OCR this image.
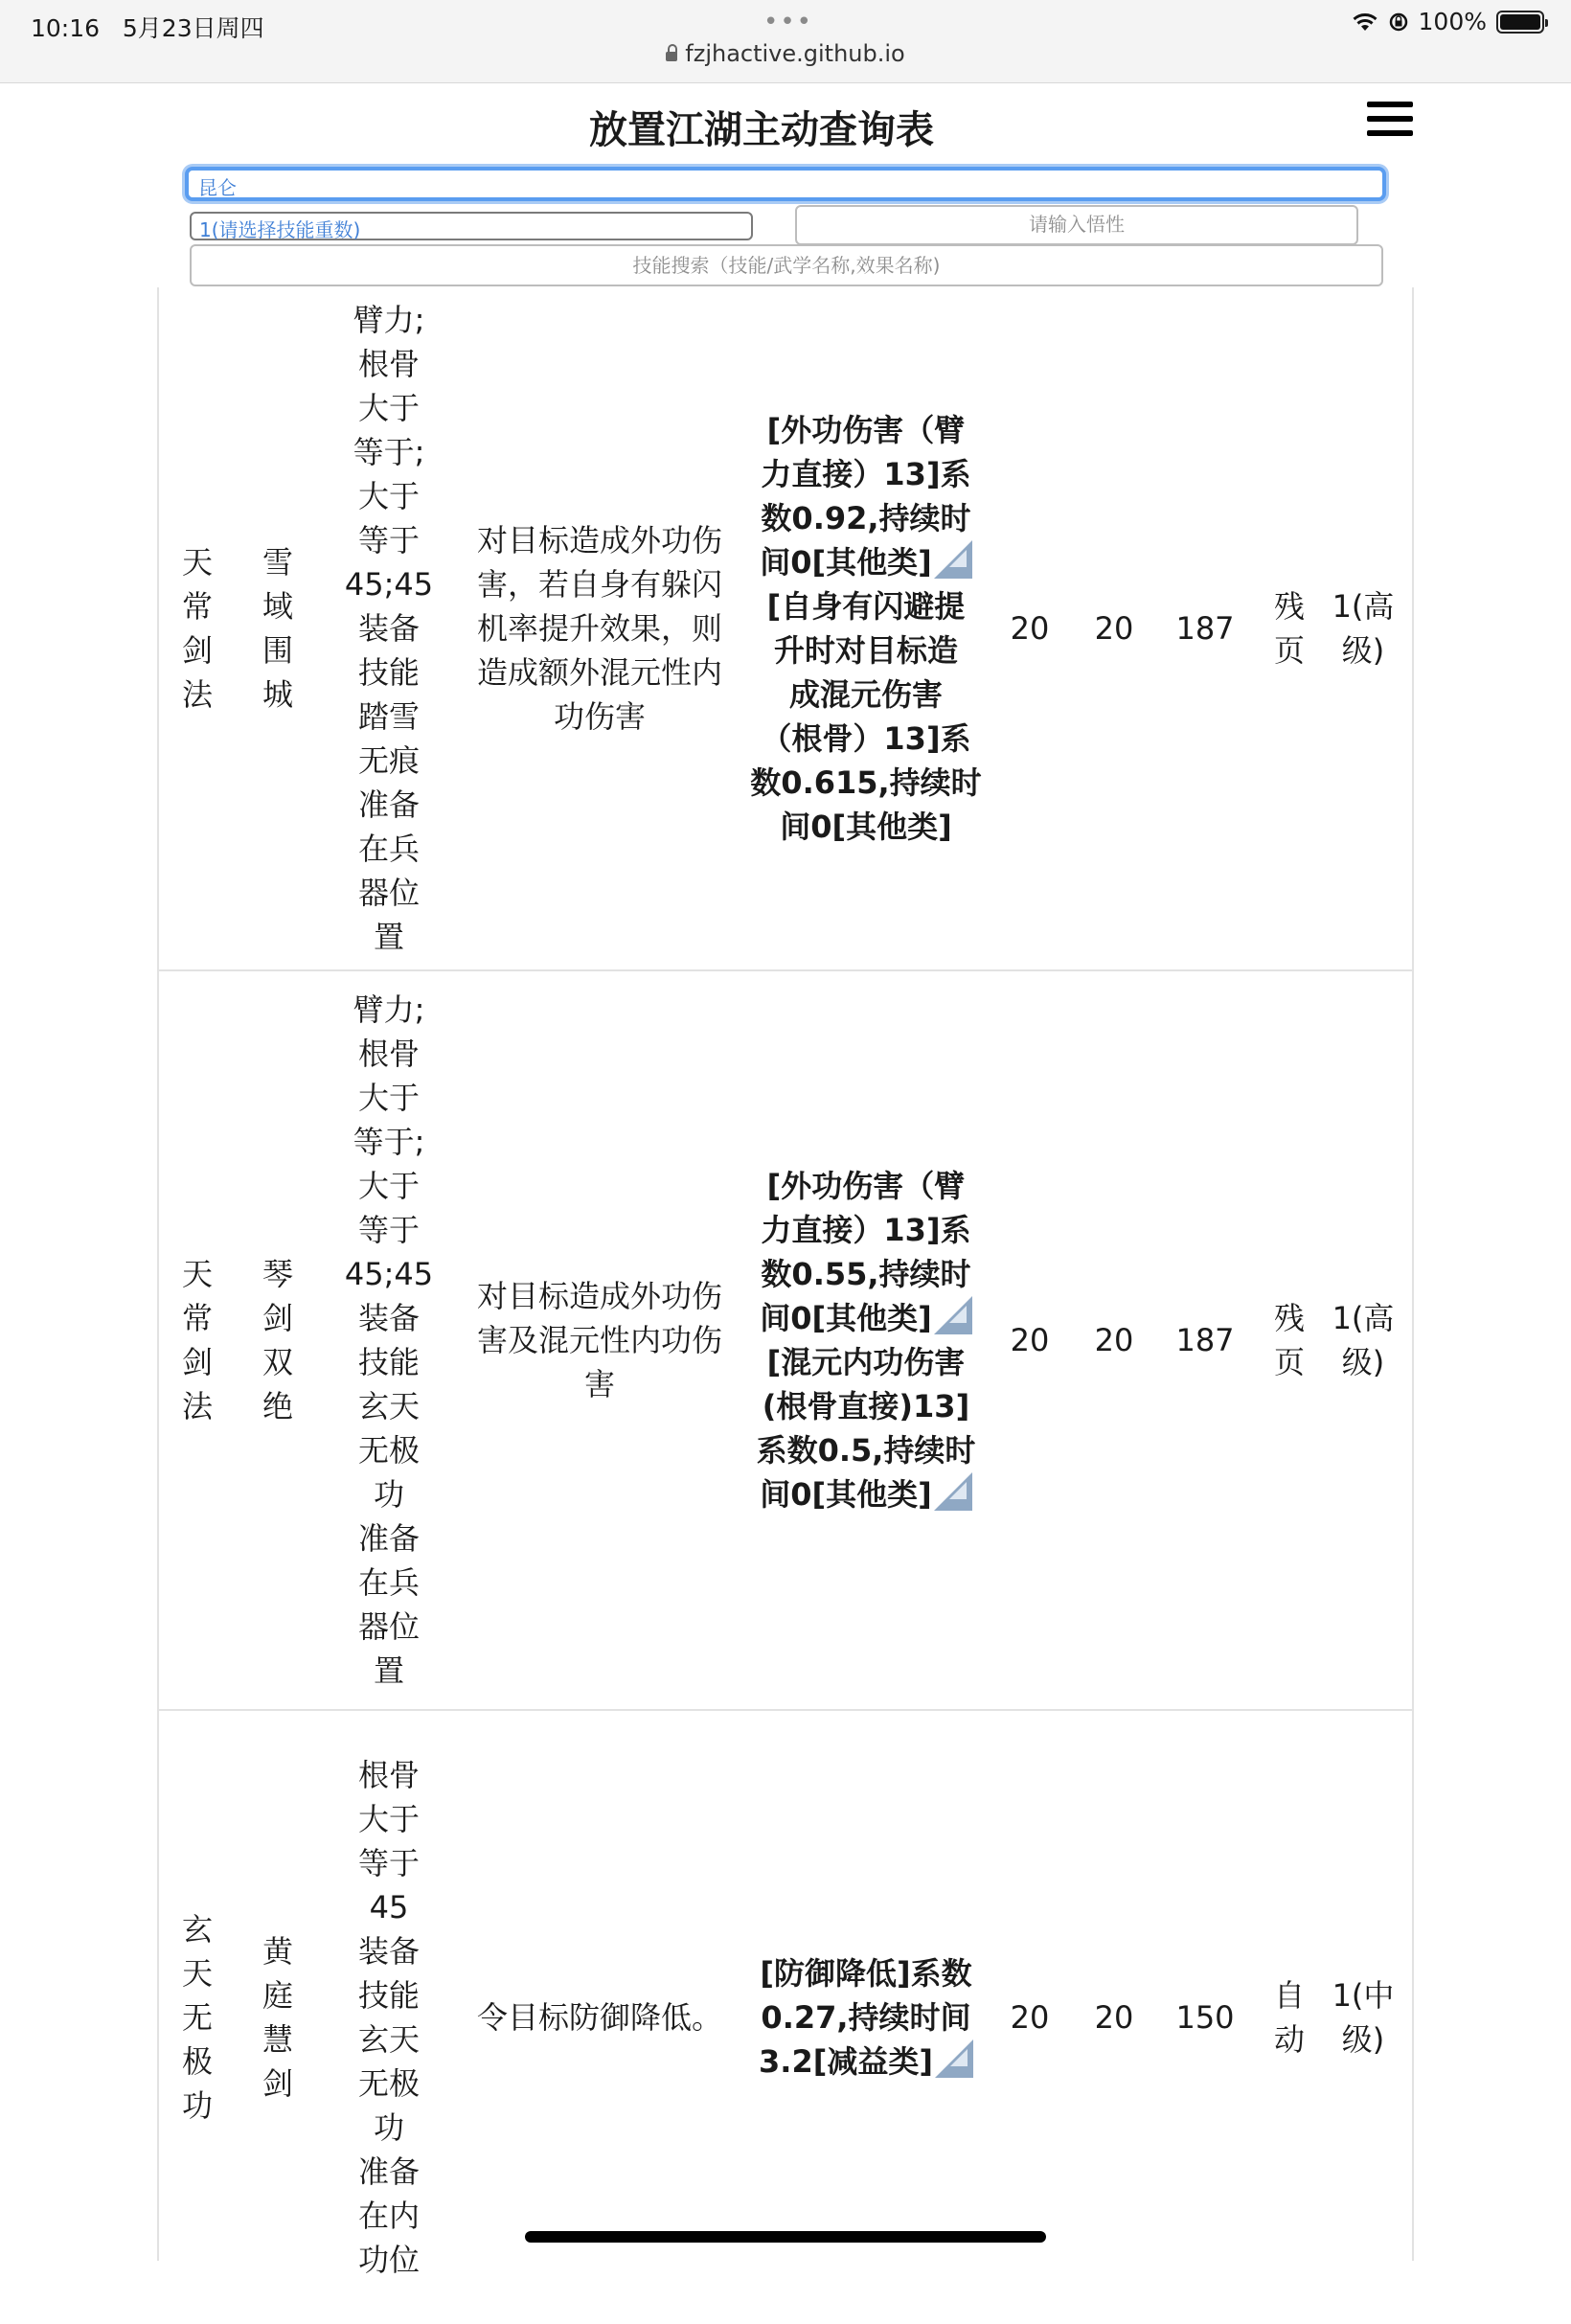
10:16 5月23日周四	•••
fzjhactive.github.io
100%
放置江湖主动查询表
昆仑
1(请选择技能重数)	请输入悟性
技能搜索（技能/武学名称,效果名称)
天
常
剑
法
雪
域
围
城
臂力;
根骨
大于
等于;
大于
等于
45;45
装备
技能
踏雪
无痕
准备
在兵
器位
置
对目标造成外功伤
害，若自身有躲闪
机率提升效果，则
造成额外混元性内
功伤害
[外功伤害（臂
力直接）13]系
数0.92,持续时
间0[其他类]
[自身有闪避提
升时对目标造
成混元伤害
（根骨）13]系
数0.615,持续时
间0[其他类]
20 20 187
残
页
1(高
级)
天
常
剑
法
琴
剑
双
绝
臂力;
根骨
大于
等于;
大于
等于
45;45
装备
技能
玄天
无极
功
准备
在兵
器位
置
对目标造成外功伤
害及混元性内功伤
害
[外功伤害（臂
力直接）13]系
数0.55,持续时
间0[其他类]
[混元内功伤害
(根骨直接)13]
系数0.5,持续时
间0[其他类]
20 20 187
残
页
1(高
级)
玄
天
无
极
功
黄
庭
慧
剑
根骨
大于
等于
45
装备
技能
玄天
无极
功
准备
在内
功位
令目标防御降低。
[防御降低]系数
0.27,持续时间
3.2[减益类]
20 20 150
自
动
1(中
级)
